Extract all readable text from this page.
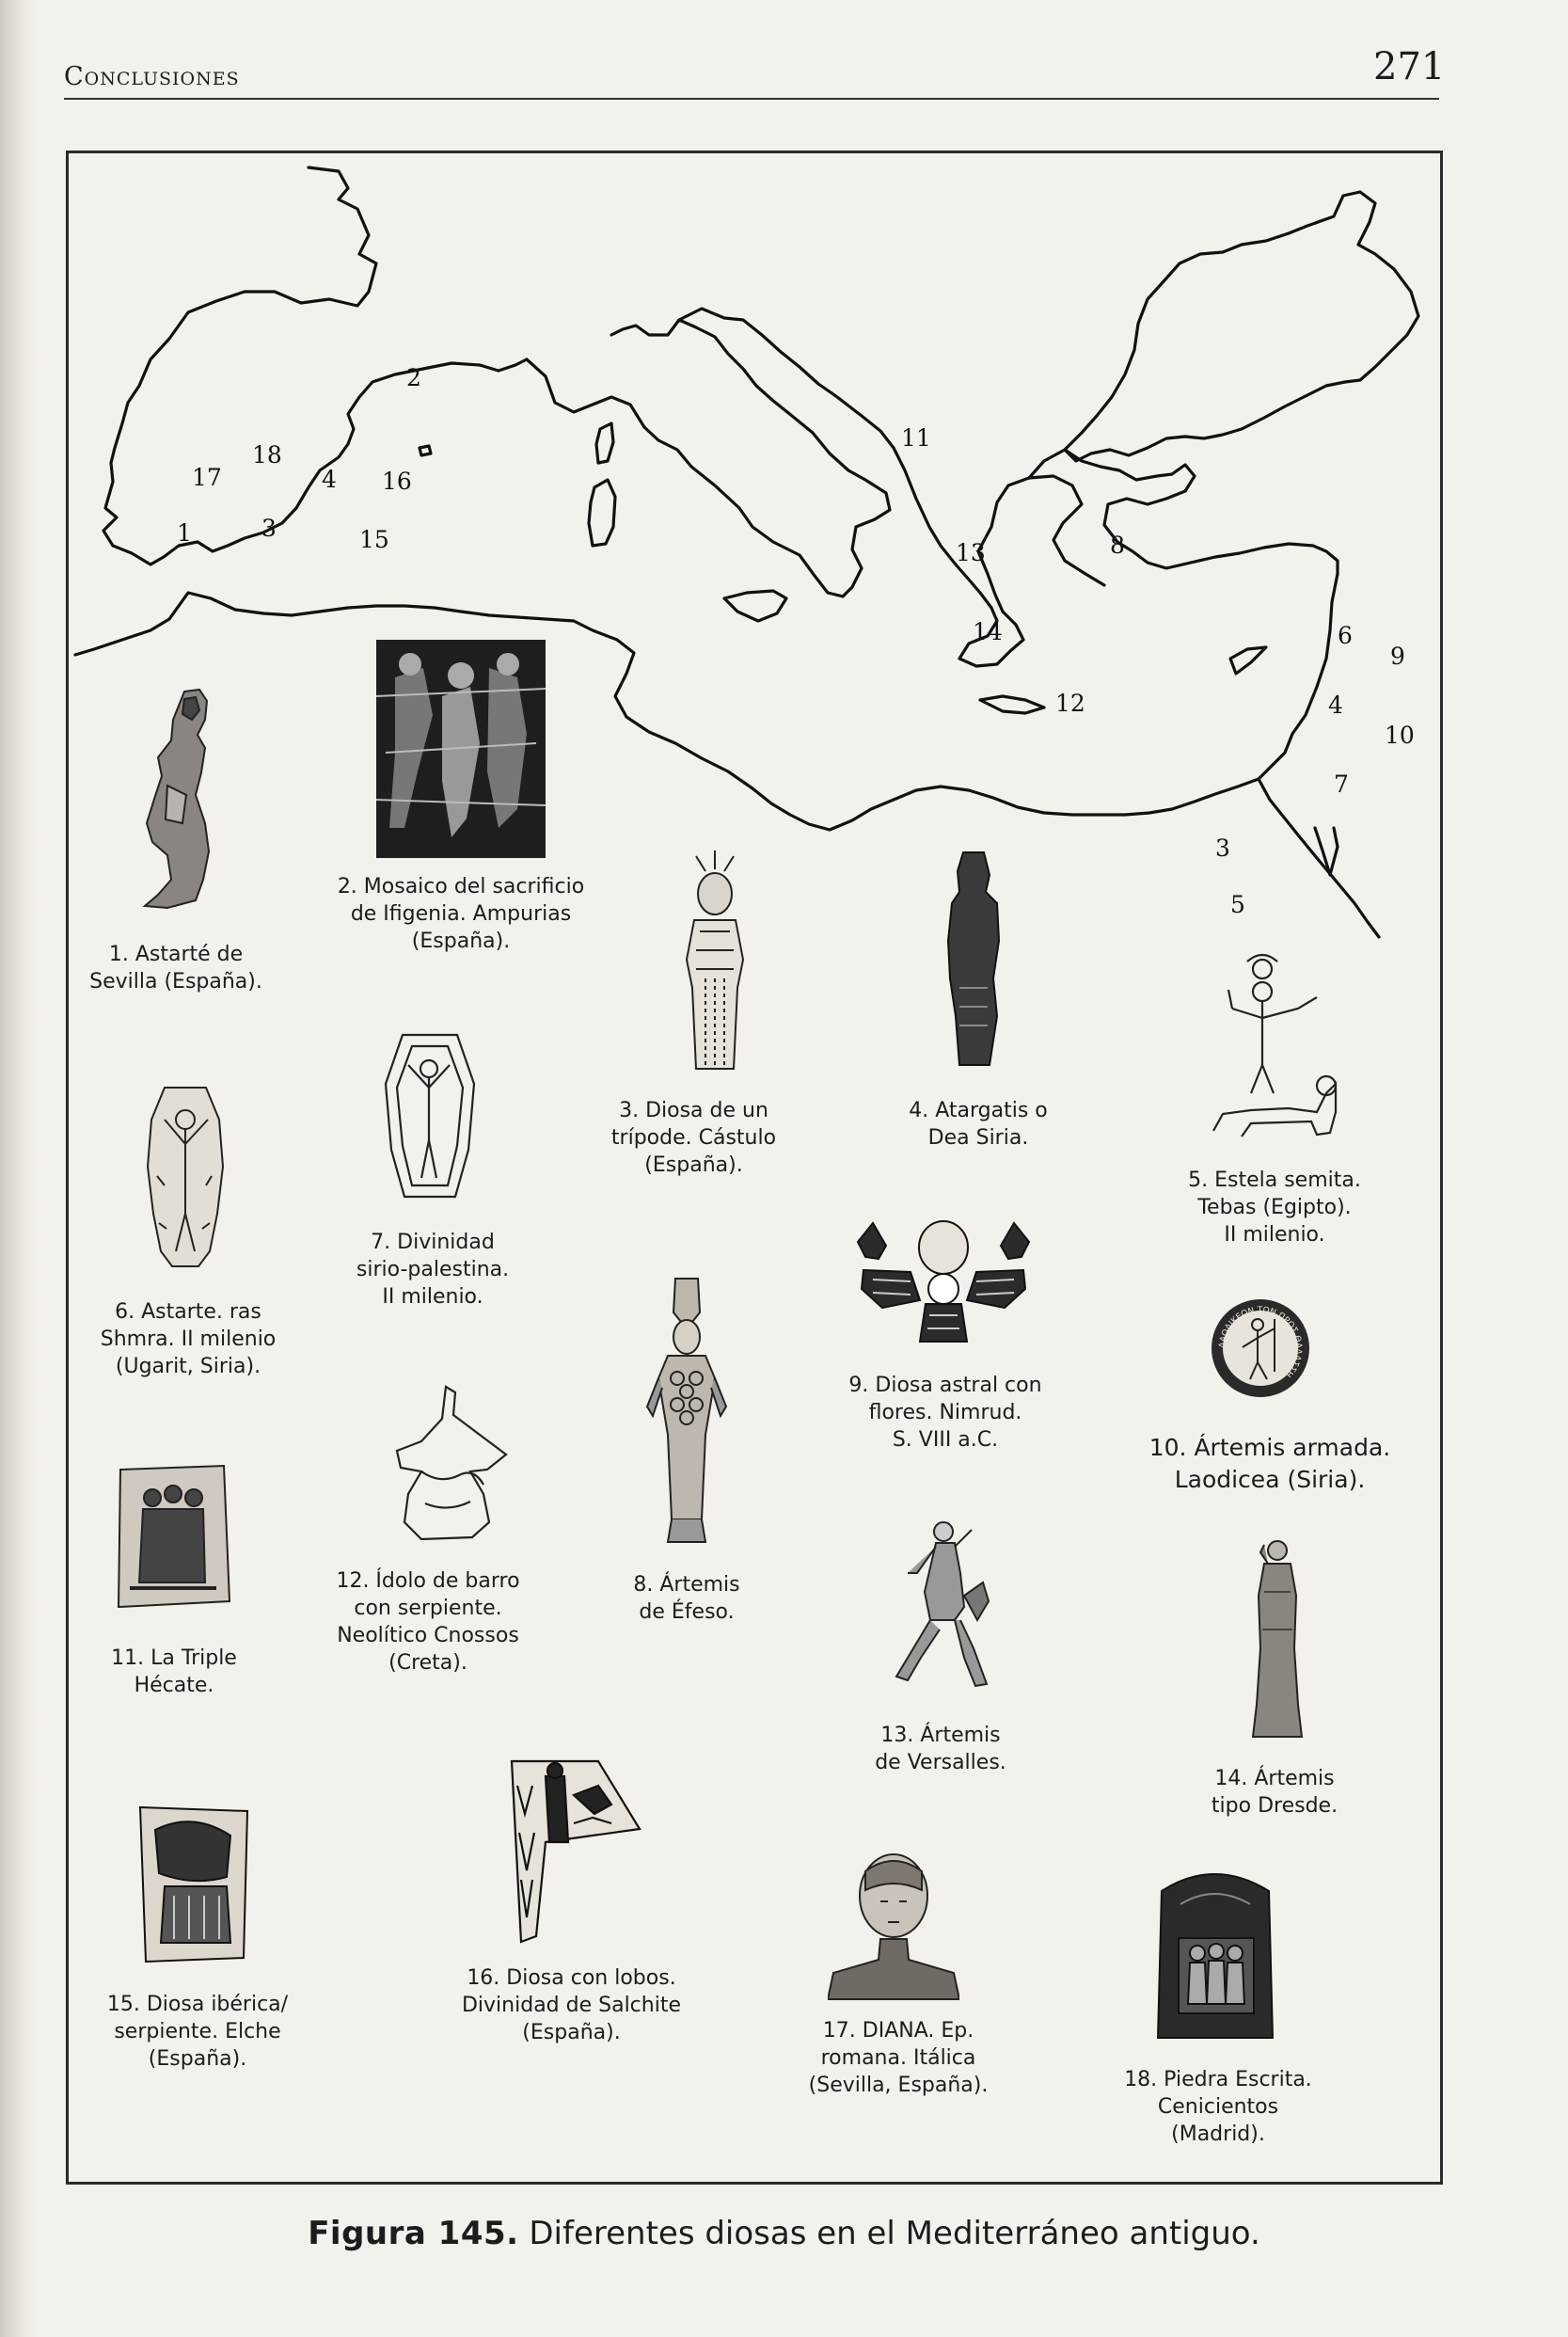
Conclusiones	271
1
2
3
4
5
6
7
8
9
10
11
12
13
14
15
16
17
18
3
4
ΛΑΟΔΙΚΕΩΝ ΤΩΝ ΠΡΟΣ ΘΑΛΑΣΣΗ
1. Astarté de
Sevilla (España).
2. Mosaico del sacrificio
de Ifigenia. Ampurias
(España).
3. Diosa de un
trípode. Cástulo
(España).
4. Atargatis o
Dea Siria.
5. Estela semita.
Tebas (Egipto).
II milenio.
6. Astarte. ras
Shmra. II milenio
(Ugarit, Siria).
7. Divinidad
sirio-palestina.
II milenio.
8. Ártemis
de Éfeso.
9. Diosa astral con
flores. Nimrud.
S. VIII a.C.	10. Ártemis armada.
Laodicea (Siria).
11. La Triple
Hécate.
12. Ídolo de barro
con serpiente.
Neolítico Cnossos
(Creta).
13. Ártemis
de Versalles.
14. Ártemis
tipo Dresde.
15. Diosa ibérica/
serpiente. Elche
(España).
16. Diosa con lobos.
Divinidad de Salchite
(España).	17. DIANA. Ep.
romana. Itálica
(Sevilla, España).	18. Piedra Escrita.
Cenicientos
(Madrid).
Figura 145. Diferentes diosas en el Mediterráneo antiguo.
